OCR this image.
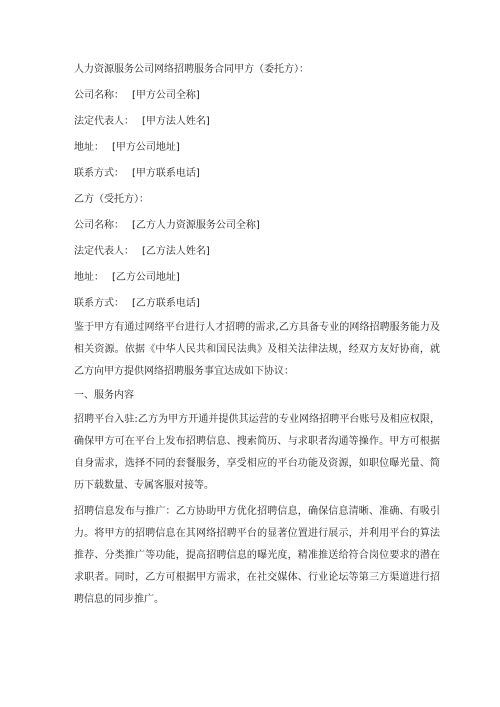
人力资源服务公司网络招聘服务合同甲方（委托方）：
公司名称： [甲方公司全称]
法定代表人： [甲方法人姓名]
地址： [甲方公司地址]
联系方式： [甲方联系电话]
乙方（受托方）：
公司名称： [乙方人力资源服务公司全称]
法定代表人： [乙方法人姓名]
地址： [乙方公司地址]
联系方式： [乙方联系电话]

鉴于甲方有通过网络平台进行人才招聘的需求,乙方具备专业的网络招聘服务能力及相关资源。依据《中华人民共和国民法典》及相关法律法规，经双方友好协商，就乙方向甲方提供网络招聘服务事宜达成如下协议：

一、服务内容

招聘平台入驻:乙方为甲方开通并提供其运营的专业网络招聘平台账号及相应权限，确保甲方可在平台上发布招聘信息、搜索简历、与求职者沟通等操作。甲方可根据自身需求，选择不同的套餐服务，享受相应的平台功能及资源，如职位曝光量、简历下载数量、专属客服对接等。

招聘信息发布与推广：乙方协助甲方优化招聘信息，确保信息清晰、准确、有吸引力。将甲方的招聘信息在其网络招聘平台的显著位置进行展示，并利用平台的算法推荐、分类推广等功能，提高招聘信息的曝光度，精准推送给符合岗位要求的潜在求职者。同时，乙方可根据甲方需求，在社交媒体、行业论坛等第三方渠道进行招聘信息的同步推广。
